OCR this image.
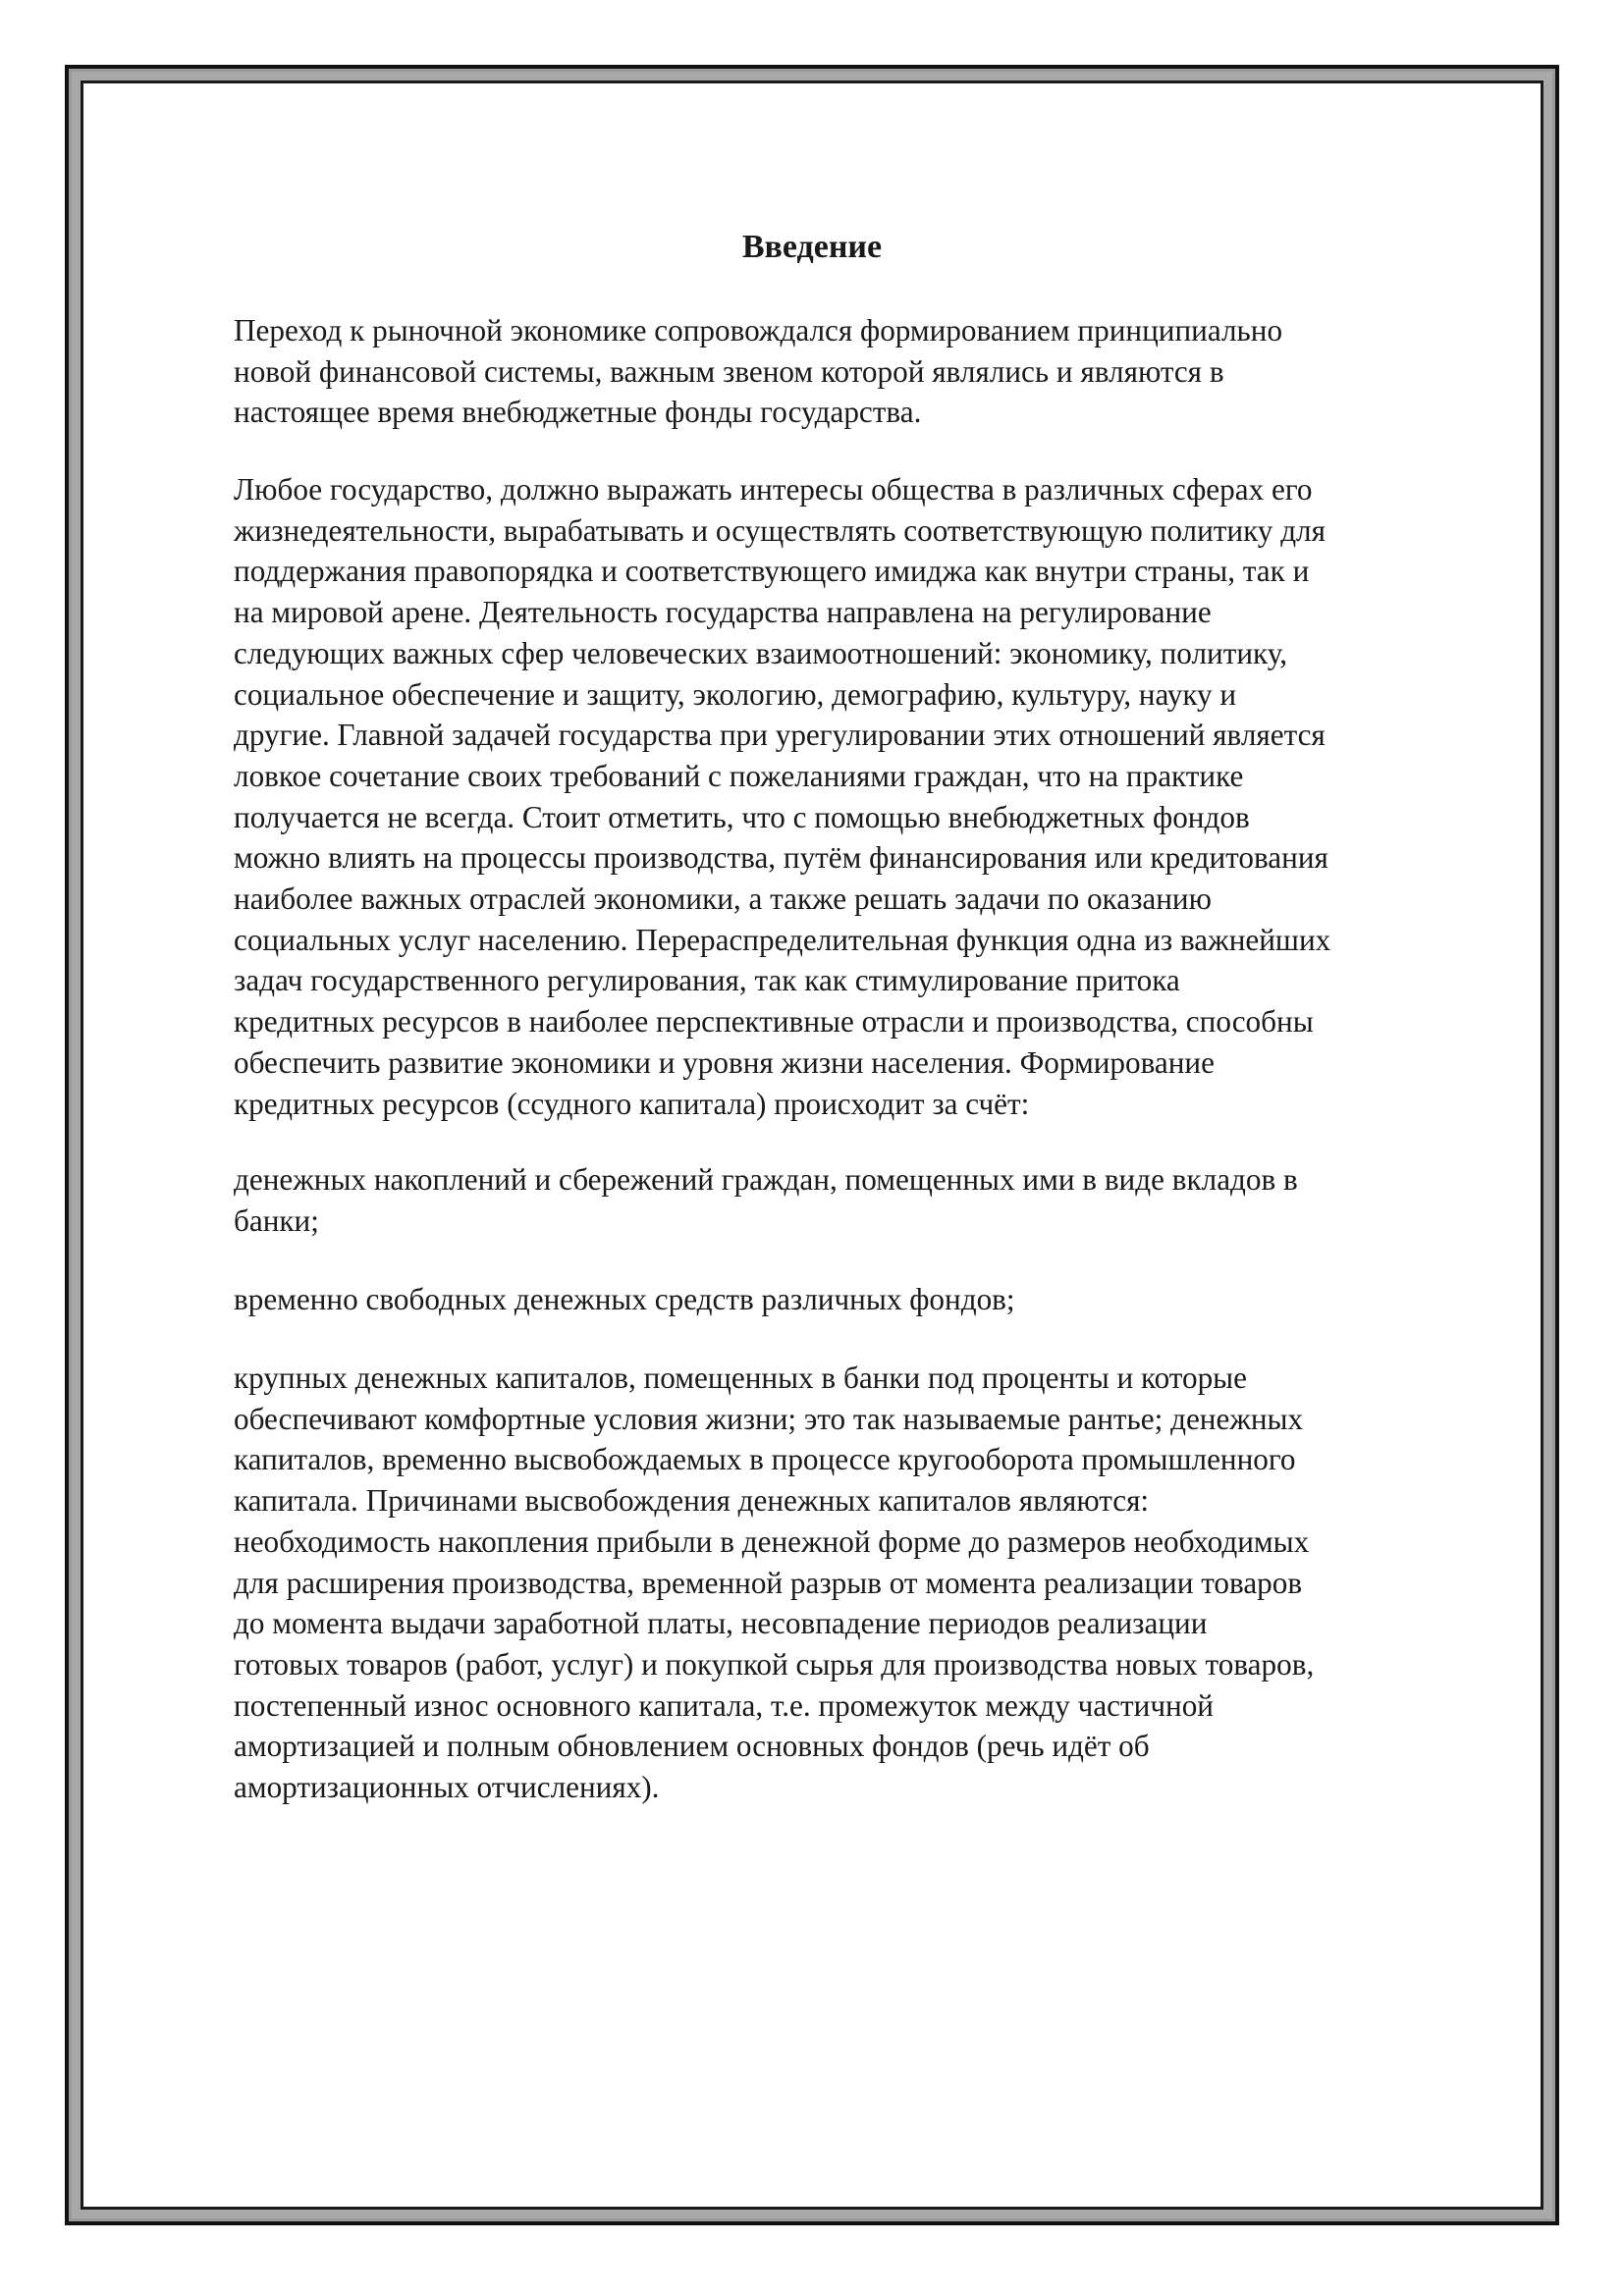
Введение

Переход к рыночной экономике сопровождался формированием принципиально
новой финансовой системы, важным звеном которой являлись и являются в
настоящее время внебюджетные фонды государства.

Любое государство, должно выражать интересы общества в различных сферах его
жизнедеятельности, вырабатывать и осуществлять соответствующую политику для
поддержания правопорядка и соответствующего имиджа как внутри страны, так и
на мировой арене. Деятельность государства направлена на регулирование
следующих важных сфер человеческих взаимоотношений: экономику, политику,
социальное обеспечение и защиту, экологию, демографию, культуру, науку и
другие. Главной задачей государства при урегулировании этих отношений является
ловкое сочетание своих требований с пожеланиями граждан, что на практике
получается не всегда. Стоит отметить, что с помощью внебюджетных фондов
можно влиять на процессы производства, путём финансирования или кредитования
наиболее важных отраслей экономики, а также решать задачи по оказанию
социальных услуг населению. Перераспределительная функция одна из важнейших
задач государственного регулирования, так как стимулирование притока
кредитных ресурсов в наиболее перспективные отрасли и производства, способны
обеспечить развитие экономики и уровня жизни населения. Формирование
кредитных ресурсов (ссудного капитала) происходит за счёт:

денежных накоплений и сбережений граждан, помещенных ими в виде вкладов в
банки;

временно свободных денежных средств различных фондов;

крупных денежных капиталов, помещенных в банки под проценты и которые
обеспечивают комфортные условия жизни; это так называемые рантье; денежных
капиталов, временно высвобождаемых в процессе кругооборота промышленного
капитала. Причинами высвобождения денежных капиталов являются:
необходимость накопления прибыли в денежной форме до размеров необходимых
для расширения производства, временной разрыв от момента реализации товаров
до момента выдачи заработной платы, несовпадение периодов реализации
готовых товаров (работ, услуг) и покупкой сырья для производства новых товаров,
постепенный износ основного капитала, т.е. промежуток между частичной
амортизацией и полным обновлением основных фондов (речь идёт об
амортизационных отчислениях).
